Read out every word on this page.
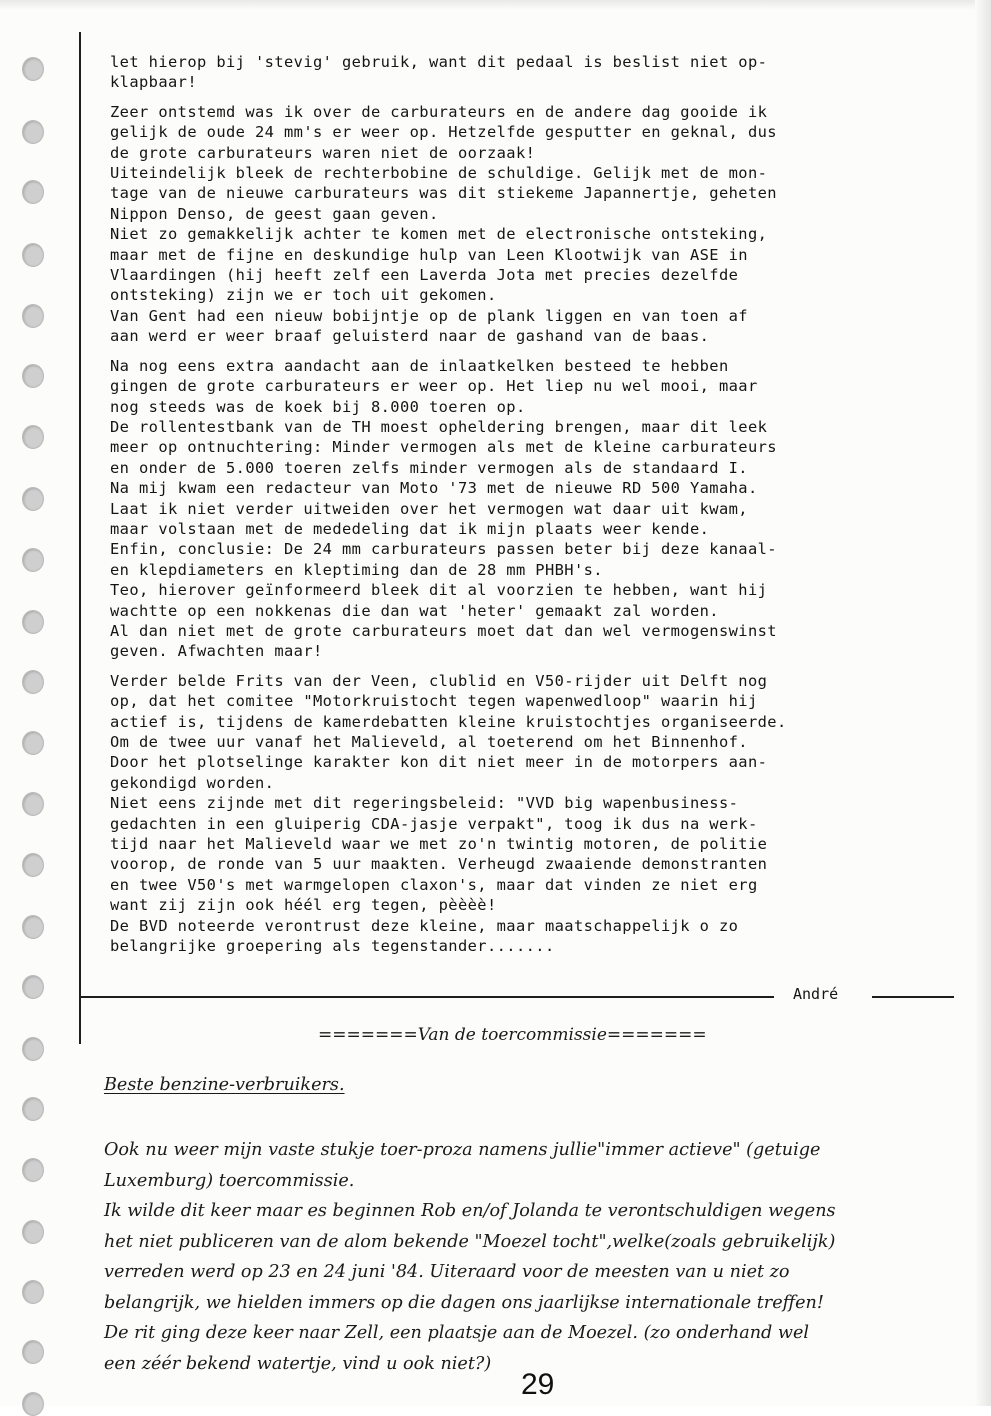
let hierop bij 'stevig' gebruik, want dit pedaal is beslist niet op-
klapbaar!

Zeer ontstemd was ik over de carburateurs en de andere dag gooide ik
gelijk de oude 24 mm's er weer op. Hetzelfde gesputter en geknal, dus
de grote carburateurs waren niet de oorzaak!
Uiteindelijk bleek de rechterbobine de schuldige. Gelijk met de mon-
tage van de nieuwe carburateurs was dit stiekeme Japannertje, geheten
Nippon Denso, de geest gaan geven.
Niet zo gemakkelijk achter te komen met de electronische ontsteking,
maar met de fijne en deskundige hulp van Leen Klootwijk van ASE in
Vlaardingen (hij heeft zelf een Laverda Jota met precies dezelfde
ontsteking) zijn we er toch uit gekomen.
Van Gent had een nieuw bobijntje op de plank liggen en van toen af
aan werd er weer braaf geluisterd naar de gashand van de baas.

Na nog eens extra aandacht aan de inlaatkelken besteed te hebben
gingen de grote carburateurs er weer op. Het liep nu wel mooi, maar
nog steeds was de koek bij 8.000 toeren op.
De rollentestbank van de TH moest opheldering brengen, maar dit leek
meer op ontnuchtering: Minder vermogen als met de kleine carburateurs
en onder de 5.000 toeren zelfs minder vermogen als de standaard I.
Na mij kwam een redacteur van Moto '73 met de nieuwe RD 500 Yamaha.
Laat ik niet verder uitweiden over het vermogen wat daar uit kwam,
maar volstaan met de mededeling dat ik mijn plaats weer kende.
Enfin, conclusie: De 24 mm carburateurs passen beter bij deze kanaal-
en klepdiameters en kleptiming dan de 28 mm PHBH's.
Teo, hierover geïnformeerd bleek dit al voorzien te hebben, want hij
wachtte op een nokkenas die dan wat 'heter' gemaakt zal worden.
Al dan niet met de grote carburateurs moet dat dan wel vermogenswinst
geven. Afwachten maar!

Verder belde Frits van der Veen, clublid en V50-rijder uit Delft nog
op, dat het comitee "Motorkruistocht tegen wapenwedloop" waarin hij
actief is, tijdens de kamerdebatten kleine kruistochtjes organiseerde.
Om de twee uur vanaf het Malieveld, al toeterend om het Binnenhof.
Door het plotselinge karakter kon dit niet meer in de motorpers aan-
gekondigd worden.
Niet eens zijnde met dit regeringsbeleid: "VVD big wapenbusiness-
gedachten in een gluiperig CDA-jasje verpakt", toog ik dus na werk-
tijd naar het Malieveld waar we met zo'n twintig motoren, de politie
voorop, de ronde van 5 uur maakten. Verheugd zwaaiende demonstranten
en twee V50's met warmgelopen claxon's, maar dat vinden ze niet erg
want zij zijn ook héél erg tegen, pèèèè!
De BVD noteerde verontrust deze kleine, maar maatschappelijk o zo
belangrijke groepering als tegenstander.......

André
=======Van de toercommissie=======

Beste benzine-verbruikers.

Ook nu weer mijn vaste stukje toer-proza namens jullie"immer actieve" (getuige
Luxemburg) toercommissie.
Ik wilde dit keer maar es beginnen Rob en/of Jolanda te verontschuldigen wegens
het niet publiceren van de alom bekende "Moezel tocht",welke(zoals gebruikelijk)
verreden werd op 23 en 24 juni '84. Uiteraard voor de meesten van u niet zo
belangrijk, we hielden immers op die dagen ons jaarlijkse internationale treffen!
De rit ging deze keer naar Zell, een plaatsje aan de Moezel. (zo onderhand wel
een zéér bekend watertje, vind u ook niet?)
29
